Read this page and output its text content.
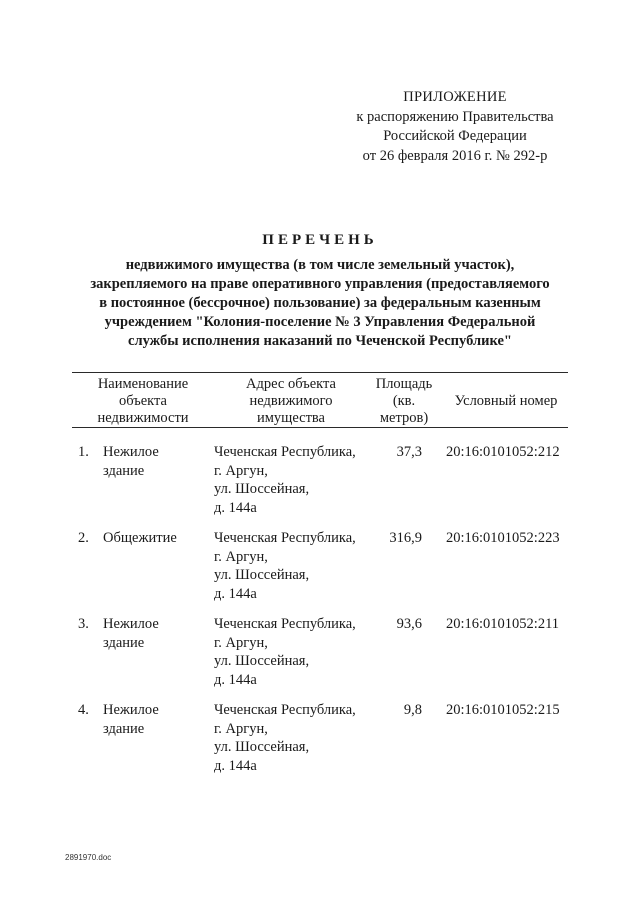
ПРИЛОЖЕНИЕ
к распоряжению Правительства
Российской Федерации
от 26 февраля 2016 г. № 292-р
ПЕРЕЧЕНЬ
недвижимого имущества (в том числе земельный участок),
закрепляемого на праве оперативного управления (предоставляемого
в постоянное (бессрочное) пользование) за федеральным казенным
учреждением "Колония-поселение № 3 Управления Федеральной
службы исполнения наказаний по Чеченской Республике"
Наименование
объекта
недвижимости
Адрес объекта
недвижимого
имущества
Площадь
(кв.
метров)
Условный номер
1. Нежилое
здание
Чеченская Республика,
г. Аргун,
ул. Шоссейная,
д. 144а
37,3 20:16:0101052:212
2. Общежитие	Чеченская Республика,
г. Аргун,
ул. Шоссейная,
д. 144а
316,9 20:16:0101052:223
3. Нежилое
здание
Чеченская Республика,
г. Аргун,
ул. Шоссейная,
д. 144а
93,6 20:16:0101052:211
4. Нежилое
здание
Чеченская Республика,
г. Аргун,
ул. Шоссейная,
д. 144а
9,8 20:16:0101052:215
2891970.doc
